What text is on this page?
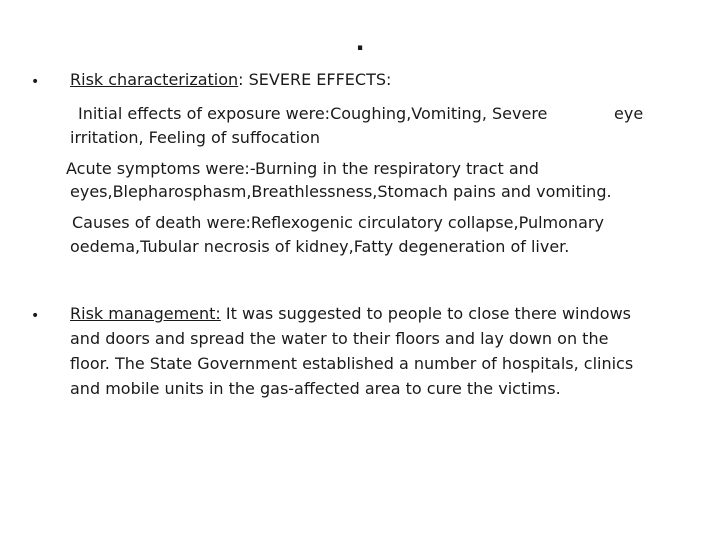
.
• Risk characterization: SEVERE EFFECTS:
Initial effects of exposure were:Coughing,Vomiting, Severe	eye
irritation, Feeling of suffocation
Acute symptoms were:-Burning in the respiratory tract and
eyes,Blepharosphasm,Breathlessness,Stomach pains and vomiting.
Causes of death were:Reflexogenic circulatory collapse,Pulmonary
oedema,Tubular necrosis of kidney,Fatty degeneration of liver.
• Risk management: It was suggested to people to close there windows
and doors and spread the water to their floors and lay down on the
floor. The State Government established a number of hospitals, clinics
and mobile units in the gas-affected area to cure the victims.
